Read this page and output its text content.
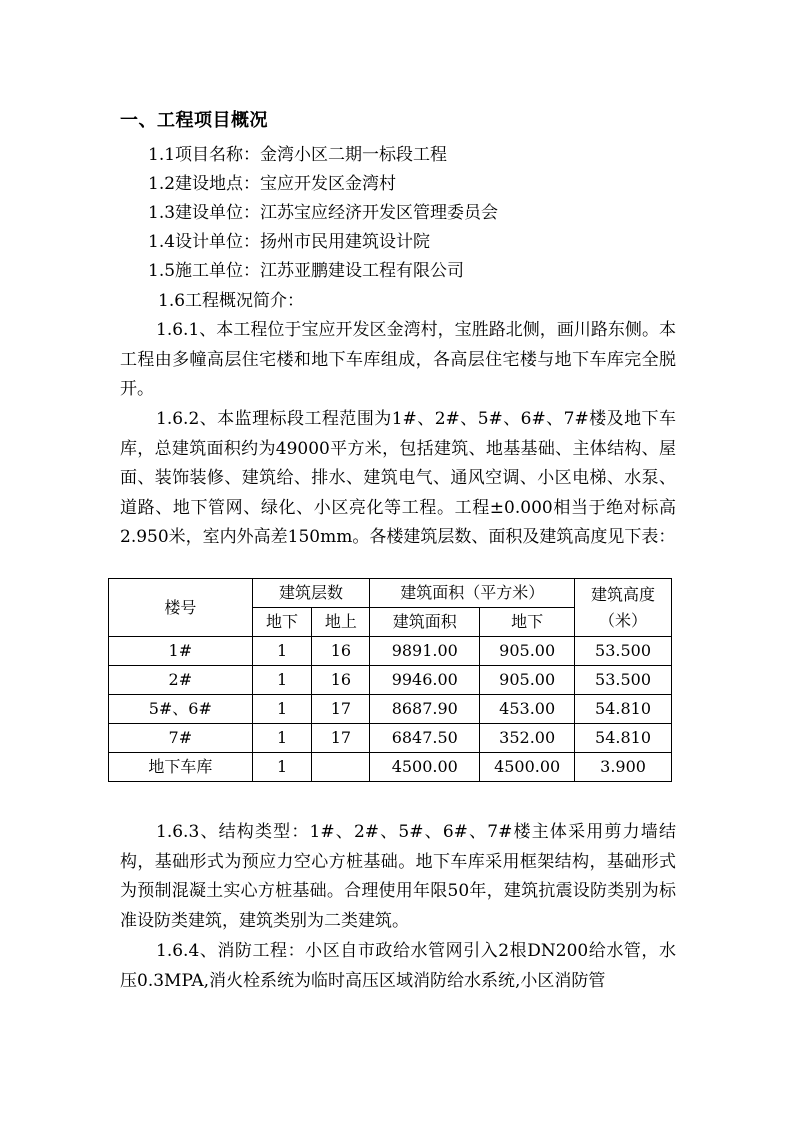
一、工程项目概况
1.1项目名称：金湾小区二期一标段工程
1.2建设地点：宝应开发区金湾村
1.3建设单位：江苏宝应经济开发区管理委员会
1.4设计单位：扬州市民用建筑设计院
1.5施工单位：江苏亚鹏建设工程有限公司
1.6工程概况简介：
1.6.1、本工程位于宝应开发区金湾村，宝胜路北侧，画川路东侧。本工程由多幢高层住宅楼和地下车库组成，各高层住宅楼与地下车库完全脱开。
1.6.2、本监理标段工程范围为1#、2#、5#、6#、7#楼及地下车库，总建筑面积约为49000平方米，包括建筑、地基基础、主体结构、屋面、装饰装修、建筑给、排水、建筑电气、通风空调、小区电梯、水泵、道路、地下管网、绿化、小区亮化等工程。工程±0.000相当于绝对标高2.950米，室内外高差150mm。各楼建筑层数、面积及建筑高度见下表：
楼号	建筑层数		建筑面积（平方米）		建筑高度（米）
	地下	地上	建筑面积	地下	
1#	1	16	9891.00	905.00	53.500
2#	1	16	9946.00	905.00	53.500
5#、6#	1	17	8687.90	453.00	54.810
7#	1	17	6847.50	352.00	54.810
地下车库	1		4500.00	4500.00	3.900
1.6.3、结构类型：1#、2#、5#、6#、7#楼主体采用剪力墙结构，基础形式为预应力空心方桩基础。地下车库采用框架结构，基础形式为预制混凝土实心方桩基础。合理使用年限50年，建筑抗震设防类别为标准设防类建筑，建筑类别为二类建筑。
1.6.4、消防工程：小区自市政给水管网引入2根DN200给水管，水压0.3MPA,消火栓系统为临时高压区域消防给水系统,小区消防管
